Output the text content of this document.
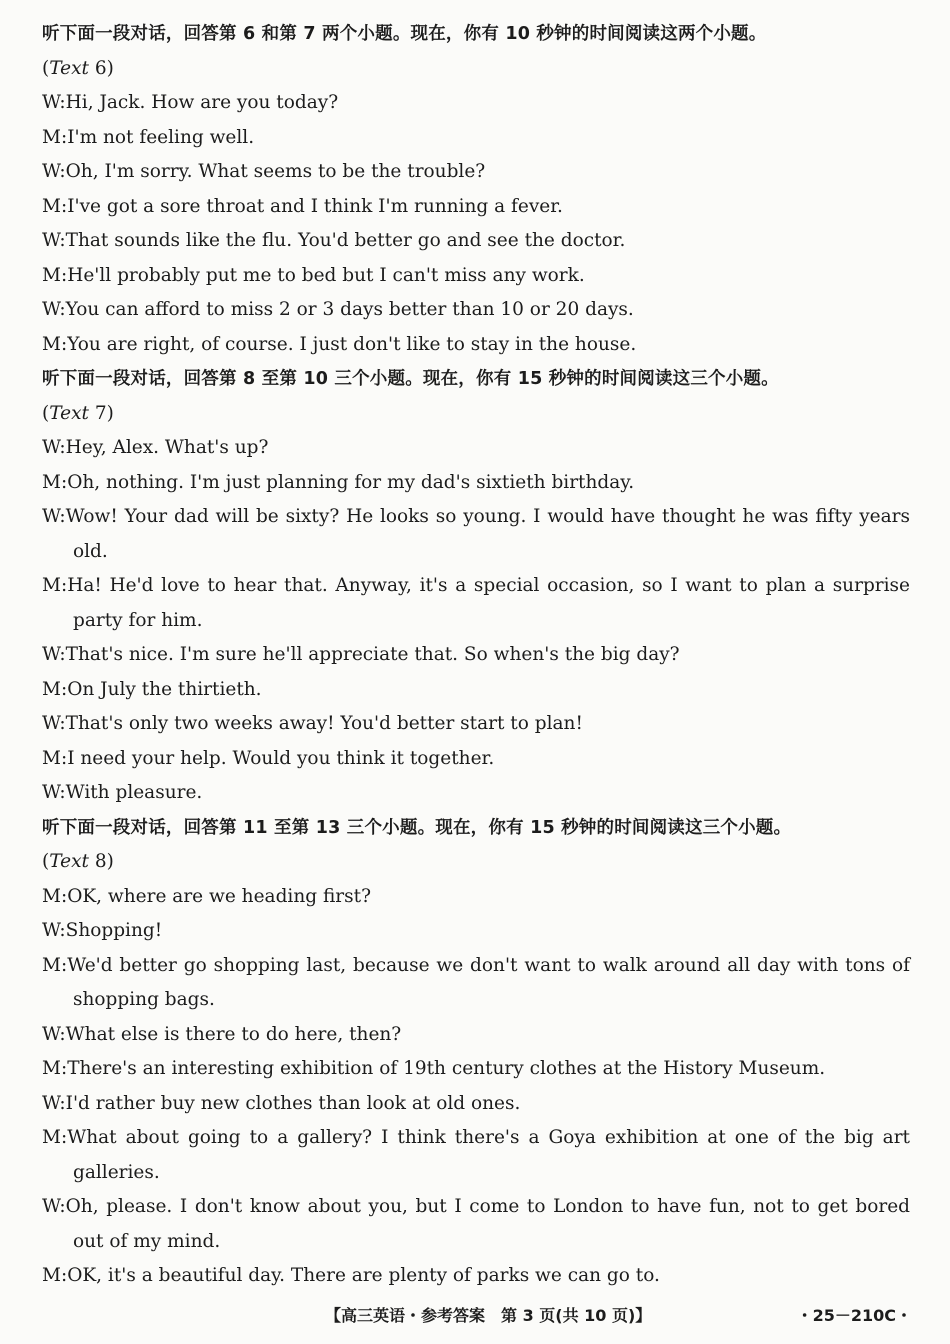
听下面一段对话，回答第 6 和第 7 两个小题。现在，你有 10 秒钟的时间阅读这两个小题。
(Text 6)
W:Hi, Jack. How are you today?
M:I'm not feeling well.
W:Oh, I'm sorry. What seems to be the trouble?
M:I've got a sore throat and I think I'm running a fever.
W:That sounds like the flu. You'd better go and see the doctor.
M:He'll probably put me to bed but I can't miss any work.
W:You can afford to miss 2 or 3 days better than 10 or 20 days.
M:You are right, of course. I just don't like to stay in the house.
听下面一段对话，回答第 8 至第 10 三个小题。现在，你有 15 秒钟的时间阅读这三个小题。
(Text 7)
W:Hey, Alex. What's up?
M:Oh, nothing. I'm just planning for my dad's sixtieth birthday.
W:Wow! Your dad will be sixty? He looks so young. I would have thought he was fifty years
old.
M:Ha! He'd love to hear that. Anyway, it's a special occasion, so I want to plan a surprise
party for him.
W:That's nice. I'm sure he'll appreciate that. So when's the big day?
M:On July the thirtieth.
W:That's only two weeks away! You'd better start to plan!
M:I need your help. Would you think it together.
W:With pleasure.
听下面一段对话，回答第 11 至第 13 三个小题。现在，你有 15 秒钟的时间阅读这三个小题。
(Text 8)
M:OK, where are we heading first?
W:Shopping!
M:We'd better go shopping last, because we don't want to walk around all day with tons of
shopping bags.
W:What else is there to do here, then?
M:There's an interesting exhibition of 19th century clothes at the History Museum.
W:I'd rather buy new clothes than look at old ones.
M:What about going to a gallery? I think there's a Goya exhibition at one of the big art
galleries.
W:Oh, please. I don't know about you, but I come to London to have fun, not to get bored
out of my mind.
M:OK, it's a beautiful day. There are plenty of parks we can go to.
【高三英语・参考答案　第 3 页(共 10 页)】	・25－210C・
